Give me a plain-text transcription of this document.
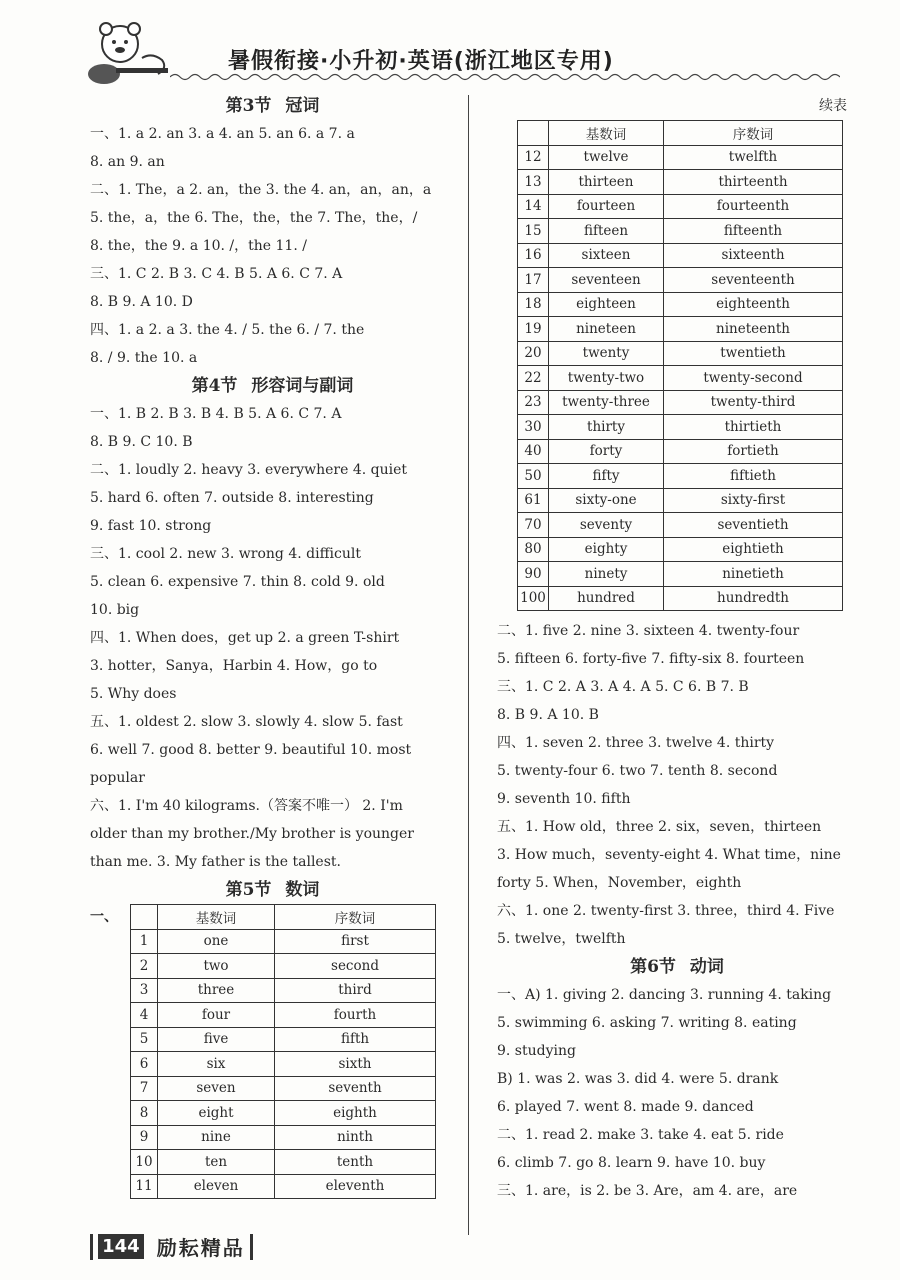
暑假衔接·小升初·英语(浙江地区专用)
第3节 冠词
一、1. a 2. an 3. a 4. an 5. an 6. a 7. a
8. an 9. an
二、1. The，a 2. an，the 3. the 4. an，an，an，a
5. the，a，the 6. The，the，the 7. The，the，/
8. the，the 9. a 10. /，the 11. /
三、1. C 2. B 3. C 4. B 5. A 6. C 7. A
8. B 9. A 10. D
四、1. a 2. a 3. the 4. / 5. the 6. / 7. the
8. / 9. the 10. a
第4节 形容词与副词
一、1. B 2. B 3. B 4. B 5. A 6. C 7. A
8. B 9. C 10. B
二、1. loudly 2. heavy 3. everywhere 4. quiet
5. hard 6. often 7. outside 8. interesting
9. fast 10. strong
三、1. cool 2. new 3. wrong 4. difficult
5. clean 6. expensive 7. thin 8. cold 9. old
10. big
四、1. When does，get up 2. a green T-shirt
3. hotter，Sanya，Harbin 4. How，go to
5. Why does
五、1. oldest 2. slow 3. slowly 4. slow 5. fast
6. well 7. good 8. better 9. beautiful 10. most
popular
六、1. I'm 40 kilograms.（答案不唯一） 2. I'm
older than my brother./My brother is younger
than me. 3. My father is the tallest.
第5节 数词
一、
		基数词	序数词
1	one	first
2	two	second
3	three	third
4	four	fourth
5	five	fifth
6	six	sixth
7	seven	seventh
8	eight	eighth
9	nine	ninth
10	ten	tenth
11	eleven	eleventh
续表
	基数词	序数词
12	twelve	twelfth
13	thirteen	thirteenth
14	fourteen	fourteenth
15	fifteen	fifteenth
16	sixteen	sixteenth
17	seventeen	seventeenth
18	eighteen	eighteenth
19	nineteen	nineteenth
20	twenty	twentieth
22	twenty-two	twenty-second
23	twenty-three	twenty-third
30	thirty	thirtieth
40	forty	fortieth
50	fifty	fiftieth
61	sixty-one	sixty-first
70	seventy	seventieth
80	eighty	eightieth
90	ninety	ninetieth
100	hundred	hundredth
二、1. five 2. nine 3. sixteen 4. twenty-four
5. fifteen 6. forty-five 7. fifty-six 8. fourteen
三、1. C 2. A 3. A 4. A 5. C 6. B 7. B
8. B 9. A 10. B
四、1. seven 2. three 3. twelve 4. thirty
5. twenty-four 6. two 7. tenth 8. second
9. seventh 10. fifth
五、1. How old，three 2. six，seven，thirteen
3. How much，seventy-eight 4. What time，nine
forty 5. When，November，eighth
六、1. one 2. twenty-first 3. three，third 4. Five
5. twelve，twelfth
第6节 动词
一、A) 1. giving 2. dancing 3. running 4. taking
5. swimming 6. asking 7. writing 8. eating
9. studying
B) 1. was 2. was 3. did 4. were 5. drank
6. played 7. went 8. made 9. danced
二、1. read 2. make 3. take 4. eat 5. ride
6. climb 7. go 8. learn 9. have 10. buy
三、1. are，is 2. be 3. Are，am 4. are，are
144 励耘精品
